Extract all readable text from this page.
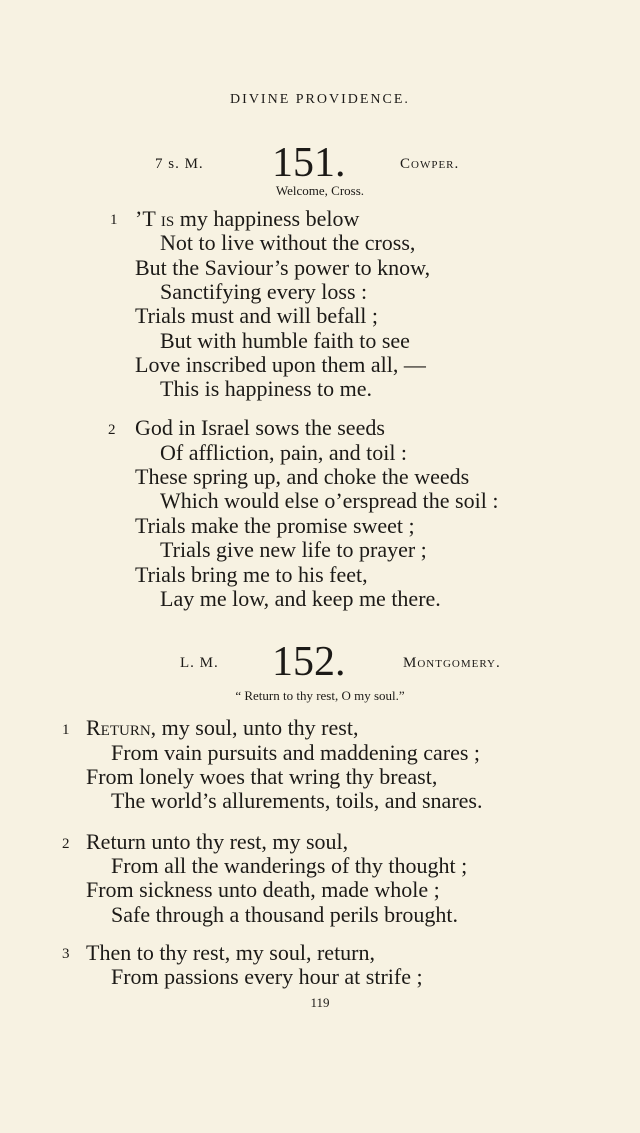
DIVINE PROVIDENCE.
7 s. M. 151.	Cowper.
Welcome, Cross.
1 ’T is my happiness below
Not to live without the cross,
But the Saviour’s power to know,
Sanctifying every loss :
Trials must and will befall ;
But with humble faith to see
Love inscribed upon them all, —
This is happiness to me.
2 God in Israel sows the seeds
Of affliction, pain, and toil :
These spring up, and choke the weeds
Which would else o’erspread the soil :
Trials make the promise sweet ;
Trials give new life to prayer ;
Trials bring me to his feet,
Lay me low, and keep me there.
L. M. 152.	Montgomery.
“ Return to thy rest, O my soul.”
1 Return, my soul, unto thy rest,
From vain pursuits and maddening cares ;
From lonely woes that wring thy breast,
The world’s allurements, toils, and snares.
2 Return unto thy rest, my soul,
From all the wanderings of thy thought ;
From sickness unto death, made whole ;
Safe through a thousand perils brought.
3 Then to thy rest, my soul, return,
From passions every hour at strife ;
119
